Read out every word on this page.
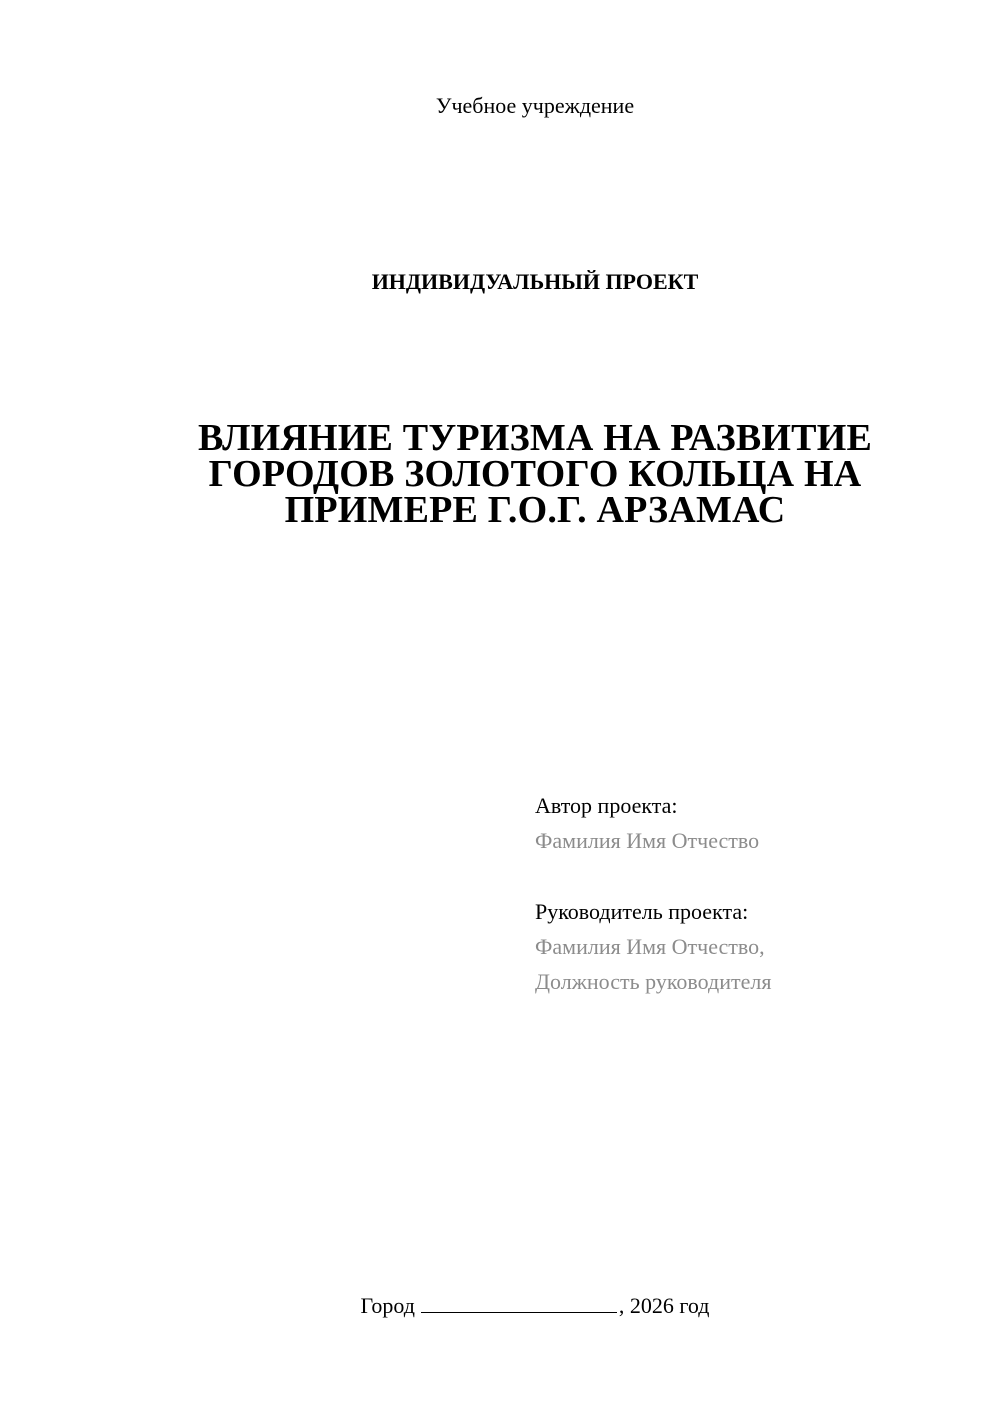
Учебное учреждение
ИНДИВИДУАЛЬНЫЙ ПРОЕКТ
ВЛИЯНИЕ ТУРИЗМА НА РАЗВИТИЕ
ГОРОДОВ ЗОЛОТОГО КОЛЬЦА НА
ПРИМЕРЕ Г.О.Г. АРЗАМАС
Автор проекта:
Фамилия Имя Отчество
Руководитель проекта:
Фамилия Имя Отчество,
Должность руководителя
Город	, 2026 год
